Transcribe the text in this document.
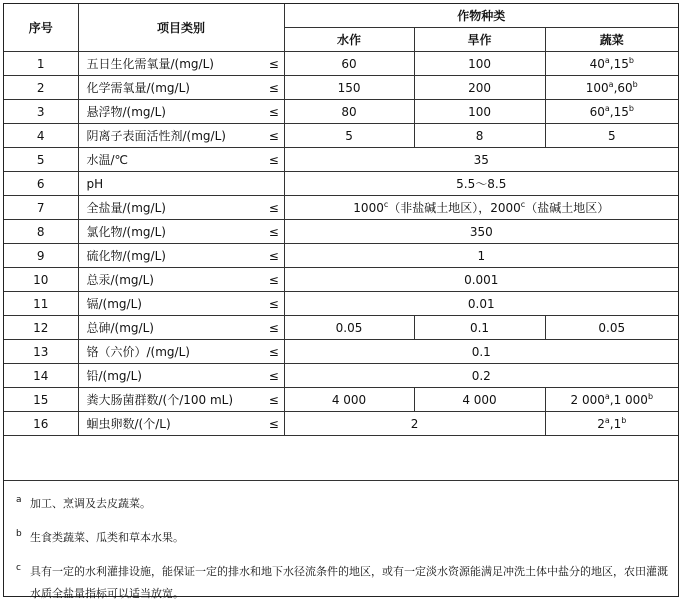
序号	项目类别		作物种类		
			水作	旱作	蔬菜
1	五日生化需氧量/(mg/L)	≤	60	100	40$^a$,15$^b$
2	化学需氧量/(mg/L)	≤	150	200	100$^a$,60$^b$
3	悬浮物/(mg/L)	≤	80	100	60$^a$,15$^b$
4	阴离子表面活性剂/(mg/L)	≤	5	8	5
5	水温/℃	≤	35		
6	pH		5.5～8.5		
7	全盐量/(mg/L)	≤	$1000^c$（非盐碱土地区），2000$^c$（盐碱土地区）		
8	氯化物/(mg/L)	≤	350		
9	硫化物/(mg/L)	≤	1		
10	总汞/(mg/L)	≤	0.001		
11	镉/(mg/L)	≤	0.01		
12	总砷/(mg/L)	≤	0.05	0.1	0.05
13	铬（六价）/(mg/L)	≤	0.1		
14	铅/(mg/L)	≤	0.2		
15	粪大肠菌群数/(个/100 mL)	≤	4 000	4 000	2 000$^a$,1 000$^b$
16	蛔虫卵数/(个/L)	≤	2		2$^a$,1$^b$
a 加工、烹调及去皮蔬菜。
b 生食类蔬菜、瓜类和草本水果。
c 具有一定的水利灌排设施，能保证一定的排水和地下水径流条件的地区，或有一定淡水资源能满足冲洗土体中盐分的地区，农田灌溉水质全盐量指标可以适当放宽。
